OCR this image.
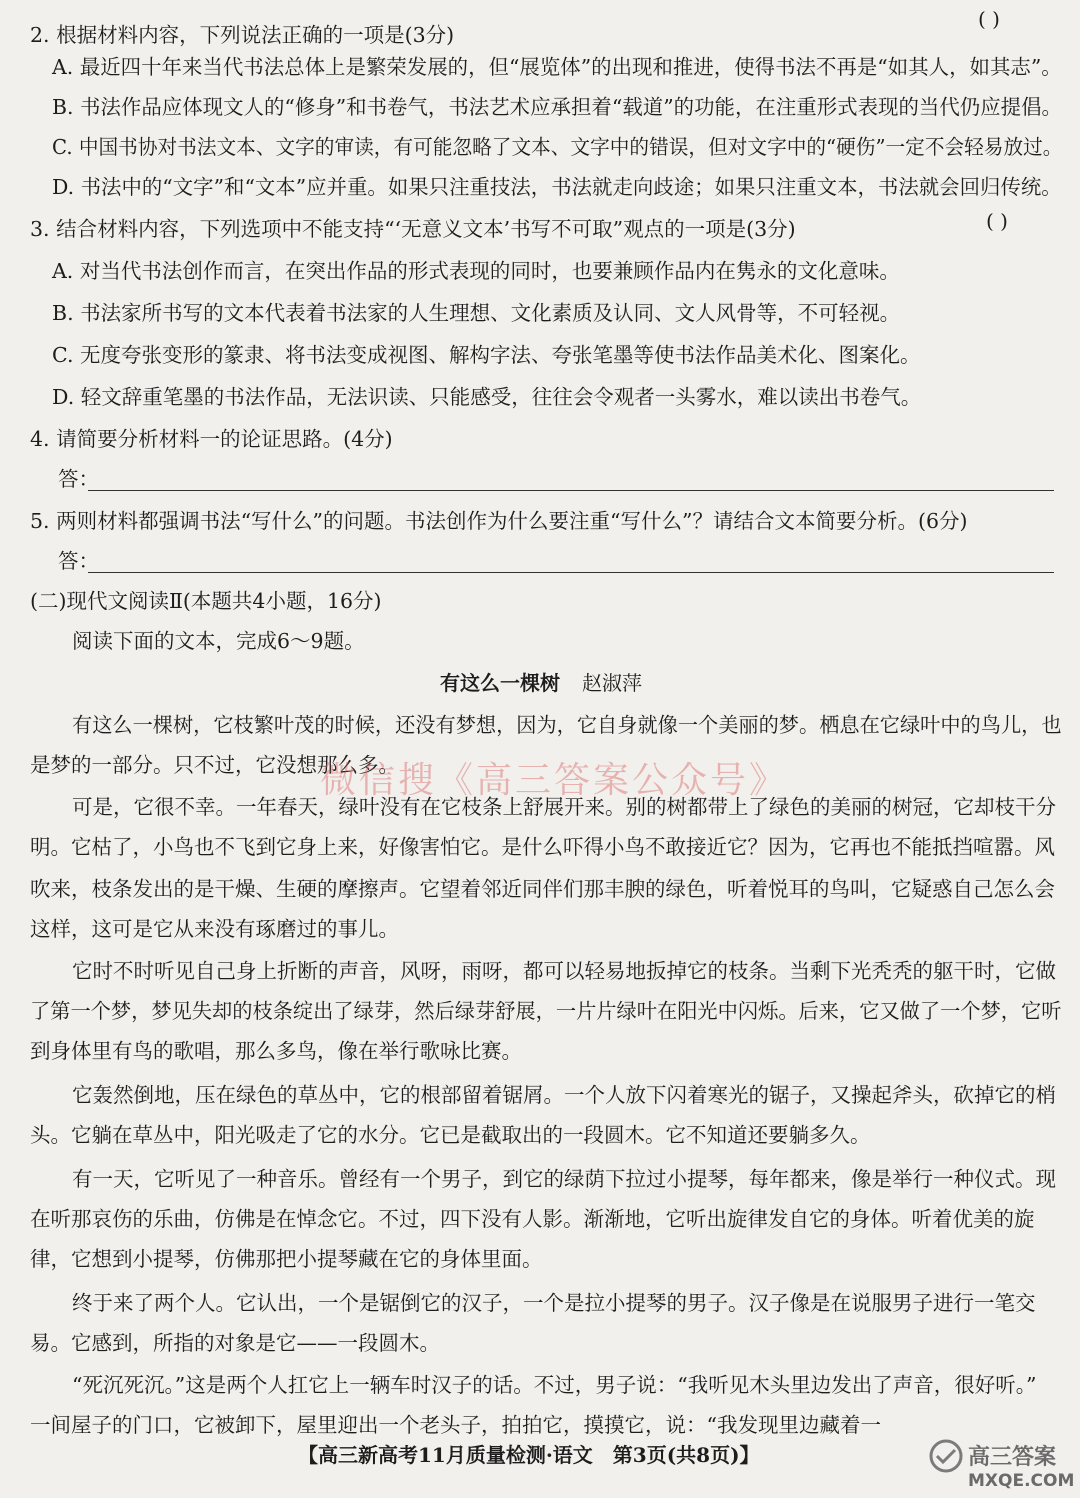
2. 根据材料内容，下列说法正确的一项是(3分)
( )
A. 最近四十年来当代书法总体上是繁荣发展的，但“展览体”的出现和推进，使得书法不再是“如其人，如其志”。
B. 书法作品应体现文人的“修身”和书卷气，书法艺术应承担着“载道”的功能，在注重形式表现的当代仍应提倡。
C. 中国书协对书法文本、文字的审读，有可能忽略了文本、文字中的错误，但对文字中的“硬伤”一定不会轻易放过。
D. 书法中的“文字”和“文本”应并重。如果只注重技法，书法就走向歧途；如果只注重文本，书法就会回归传统。
3. 结合材料内容，下列选项中不能支持“‘无意义文本’书写不可取”观点的一项是(3分)	( )
A. 对当代书法创作而言，在突出作品的形式表现的同时，也要兼顾作品内在隽永的文化意味。
B. 书法家所书写的文本代表着书法家的人生理想、文化素质及认同、文人风骨等，不可轻视。
C. 无度夸张变形的篆隶、将书法变成视图、解构字法、夸张笔墨等使书法作品美术化、图案化。
D. 轻文辞重笔墨的书法作品，无法识读、只能感受，往往会令观者一头雾水，难以读出书卷气。
4. 请简要分析材料一的论证思路。(4分)
答：
5. 两则材料都强调书法“写什么”的问题。书法创作为什么要注重“写什么”？请结合文本简要分析。(6分)
答：
(二)现代文阅读Ⅱ(本题共4小题，16分)
阅读下面的文本，完成6～9题。
有这么一棵树 赵淑萍
有这么一棵树，它枝繁叶茂的时候，还没有梦想，因为，它自身就像一个美丽的梦。栖息在它绿叶中的鸟儿，也
是梦的一部分。只不过，它没想那么多。
可是，它很不幸。一年春天，绿叶没有在它枝条上舒展开来。别的树都带上了绿色的美丽的树冠，它却枝干分
明。它枯了，小鸟也不飞到它身上来，好像害怕它。是什么吓得小鸟不敢接近它？因为，它再也不能抵挡喧嚣。风
吹来，枝条发出的是干燥、生硬的摩擦声。它望着邻近同伴们那丰腴的绿色，听着悦耳的鸟叫，它疑惑自己怎么会
这样，这可是它从来没有琢磨过的事儿。
它时不时听见自己身上折断的声音，风呀，雨呀，都可以轻易地扳掉它的枝条。当剩下光秃秃的躯干时，它做
了第一个梦，梦见失却的枝条绽出了绿芽，然后绿芽舒展，一片片绿叶在阳光中闪烁。后来，它又做了一个梦，它听
到身体里有鸟的歌唱，那么多鸟，像在举行歌咏比赛。
它轰然倒地，压在绿色的草丛中，它的根部留着锯屑。一个人放下闪着寒光的锯子，又操起斧头，砍掉它的梢
头。它躺在草丛中，阳光吸走了它的水分。它已是截取出的一段圆木。它不知道还要躺多久。
有一天，它听见了一种音乐。曾经有一个男子，到它的绿荫下拉过小提琴，每年都来，像是举行一种仪式。现
在听那哀伤的乐曲，仿佛是在悼念它。不过，四下没有人影。渐渐地，它听出旋律发自它的身体。听着优美的旋
律，它想到小提琴，仿佛那把小提琴藏在它的身体里面。
终于来了两个人。它认出，一个是锯倒它的汉子，一个是拉小提琴的男子。汉子像是在说服男子进行一笔交
易。它感到，所指的对象是它——一段圆木。
“死沉死沉。”这是两个人扛它上一辆车时汉子的话。不过，男子说：“我听见木头里边发出了声音，很好听。”
一间屋子的门口，它被卸下，屋里迎出一个老头子，拍拍它，摸摸它，说：“我发现里边藏着一
微信搜《高三答案公众号》
【高三新高考11月质量检测·语文　第3页(共8页)】	高三答案
MXQE.COM
